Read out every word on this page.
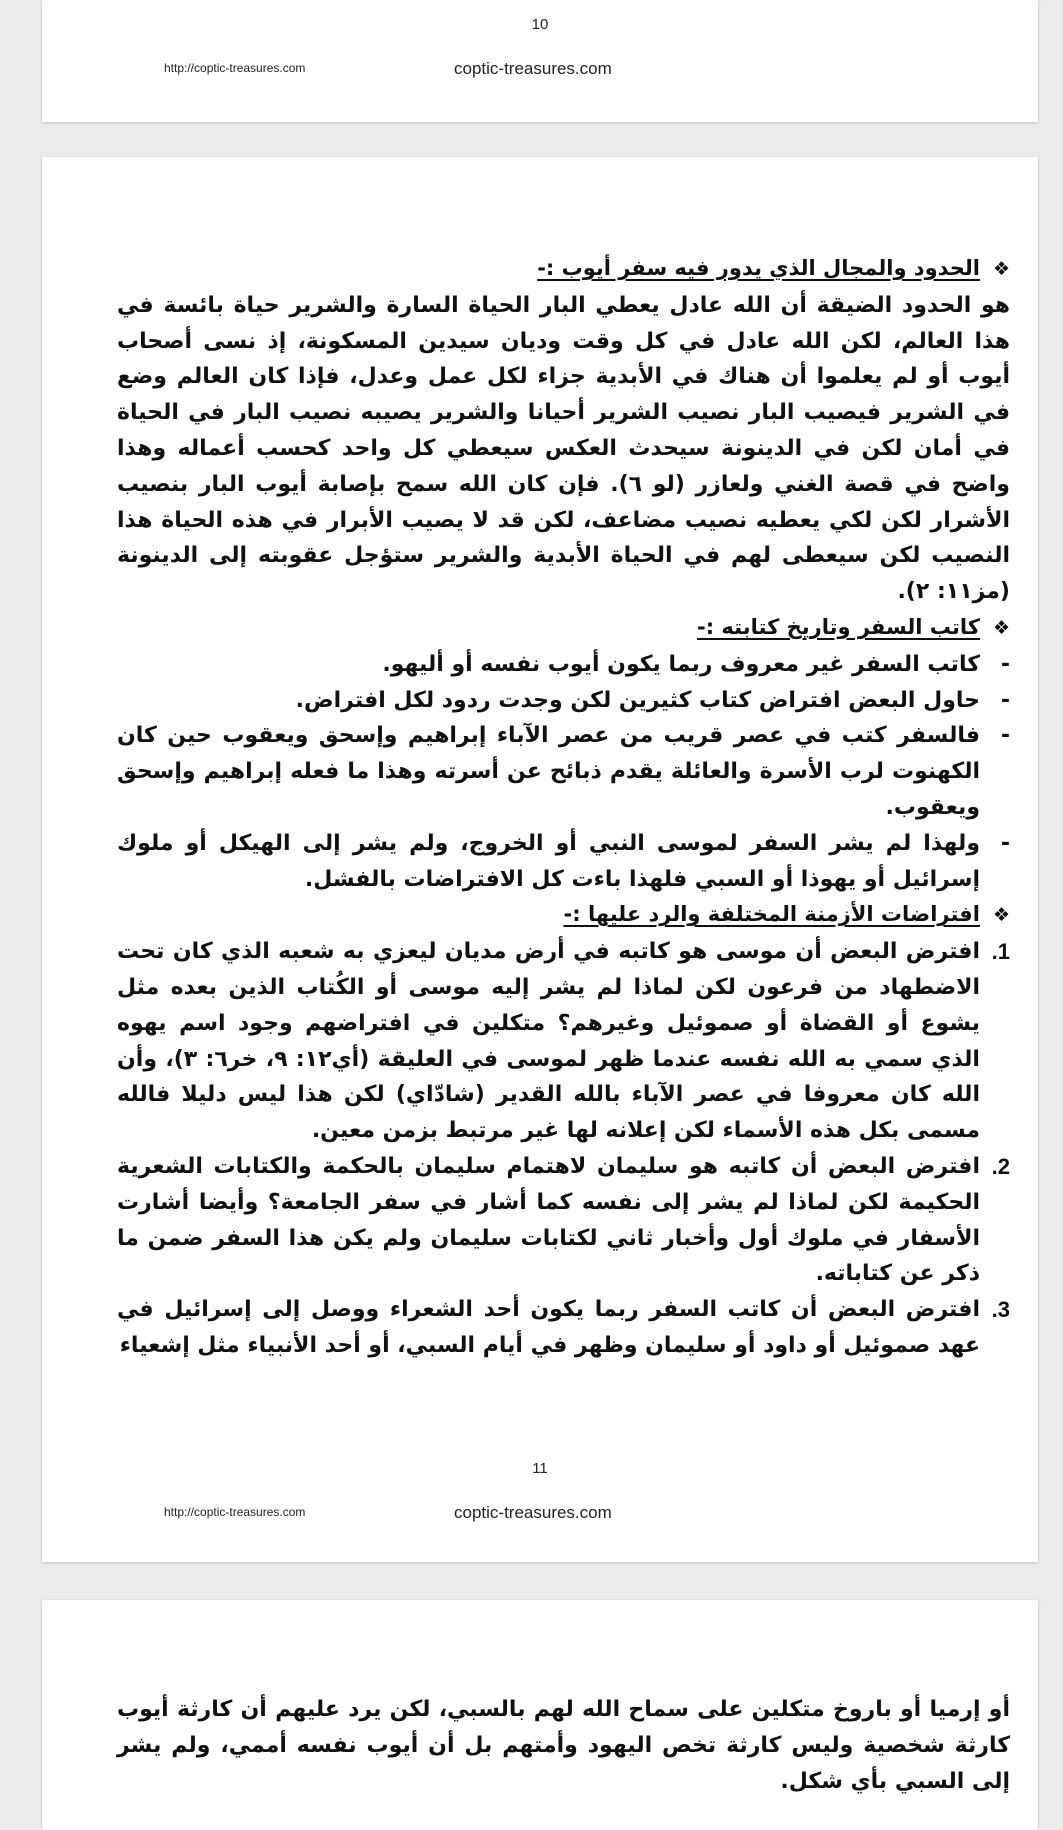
10
http://coptic-treasures.com	coptic-treasures.com
❖
الحدود والمجال الذي يدور فيه سفر أيوب :-

هو الحدود الضيقة أن الله عادل يعطي البار الحياة السارة والشرير حياة بائسة في هذا العالم، لكن الله عادل في كل وقت وديان سيدين المسكونة، إذ نسى أصحاب أيوب أو لم يعلموا أن هناك في الأبدية جزاء لكل عمل وعدل، فإذا كان العالم وضع في الشرير فيصيب البار نصيب الشرير أحيانا والشرير يصيبه نصيب البار في الحياة في أمان لكن في الدينونة سيحدث العكس سيعطي كل واحد كحسب أعماله وهذا واضح في قصة الغني ولعازر (لو ٦). فإن كان الله سمح بإصابة أيوب البار بنصيب الأشرار لكن لكي يعطيه نصيب مضاعف، لكن قد لا يصيب الأبرار في هذه الحياة هذا النصيب لكن سيعطى لهم في الحياة الأبدية والشرير ستؤجل عقوبته إلى الدينونة (مز١١: ٢).

❖
كاتب السفر وتاريخ كتابته :-
-
كاتب السفر غير معروف ربما يكون أيوب نفسه أو أليهو.
-
حاول البعض افتراض كتاب كثيرين لكن وجدت ردود لكل افتراض.
-
فالسفر كتب في عصر قريب من عصر الآباء إبراهيم وإسحق ويعقوب حين كان الكهنوت لرب الأسرة والعائلة يقدم ذبائح عن أسرته وهذا ما فعله إبراهيم وإسحق ويعقوب.
-
ولهذا لم يشر السفر لموسى النبي أو الخروج، ولم يشر إلى الهيكل أو ملوك إسرائيل أو يهوذا أو السبي فلهذا باءت كل الافتراضات بالفشل.
❖
افتراضات الأزمنة المختلفة والرد عليها :-
1.
افترض البعض أن موسى هو كاتبه في أرض مديان ليعزي به شعبه الذي كان تحت الاضطهاد من فرعون لكن لماذا لم يشر إليه موسى أو الكُتاب الذين بعده مثل يشوع أو القضاة أو صموئيل وغيرهم؟ متكلين في افتراضهم وجود اسم يهوه الذي سمي به الله نفسه عندما ظهر لموسى في العليقة (أي١٢: ٩، خر٦: ٣)، وأن الله كان معروفا في عصر الآباء بالله القدير (شادّاي) لكن هذا ليس دليلا فالله مسمى بكل هذه الأسماء لكن إعلانه لها غير مرتبط بزمن معين.
2.
افترض البعض أن كاتبه هو سليمان لاهتمام سليمان بالحكمة والكتابات الشعرية الحكيمة لكن لماذا لم يشر إلى نفسه كما أشار في سفر الجامعة؟ وأيضا أشارت الأسفار في ملوك أول وأخبار ثاني لكتابات سليمان ولم يكن هذا السفر ضمن ما ذكر عن كتاباته.
3.
افترض البعض أن كاتب السفر ربما يكون أحد الشعراء ووصل إلى إسرائيل في عهد صموئيل أو داود أو سليمان وظهر في أيام السبي، أو أحد الأنبياء مثل إشعياء
11
http://coptic-treasures.com	coptic-treasures.com

أو إرميا أو باروخ متكلين على سماح الله لهم بالسبي، لكن يرد عليهم أن كارثة أيوب كارثة شخصية وليس كارثة تخص اليهود وأمتهم بل أن أيوب نفسه أممي، ولم يشر إلى السبي بأي شكل.
